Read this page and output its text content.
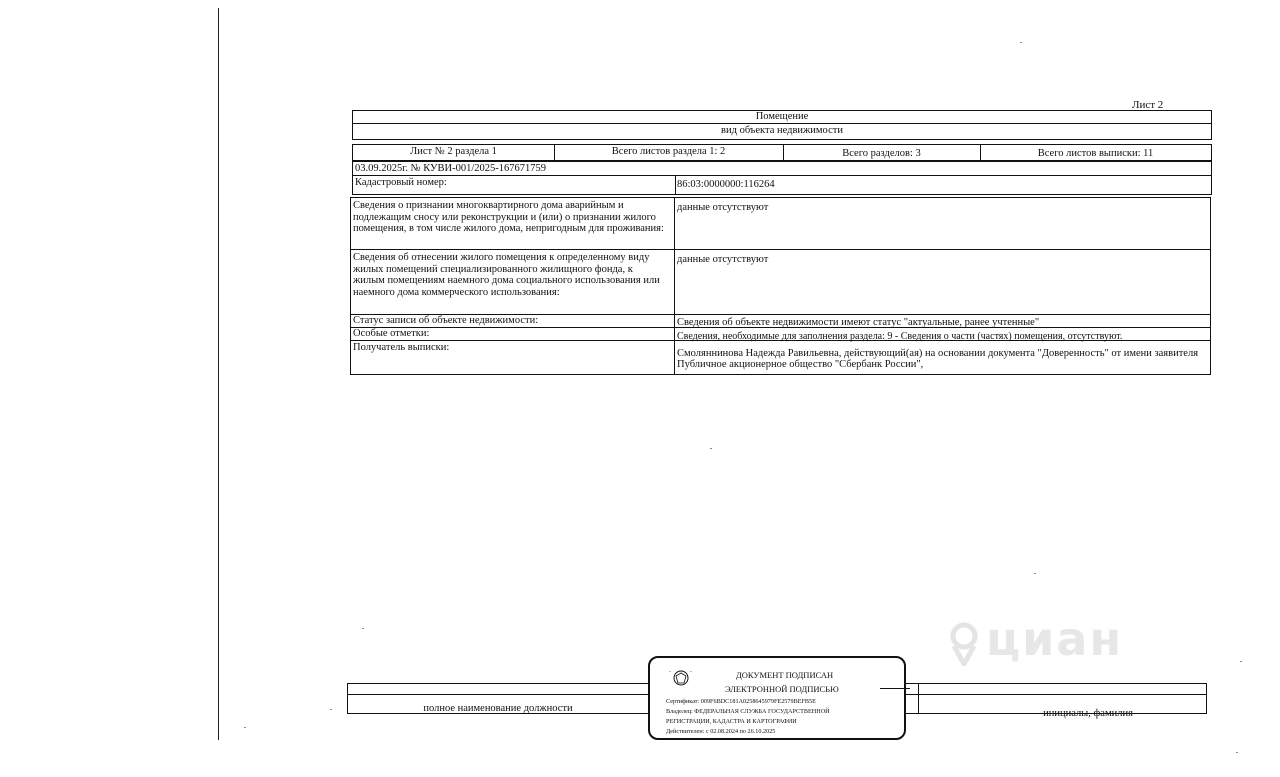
Лист 2
Помещение
вид объекта недвижимости
Лист № 2 раздела 1	Всего листов раздела 1: 2	Всего разделов: 3	Всего листов выписки: 11
03.09.2025г. № КУВИ-001/2025-167671759
Кадастровый номер:	86:03:0000000:116264
Сведения о признании многоквартирного дома аварийным и подлежащим сносу или реконструкции и (или) о признании жилого помещения, в том числе жилого дома, непригодным для проживания:
данные отсутствуют
Сведения об отнесении жилого помещения к определенному виду жилых помещений специализированного жилищного фонда, к жилым помещениям наемного дома социального использования или наемного дома коммерческого использования:
данные отсутствуют
Статус записи об объекте недвижимости:	Сведения об объекте недвижимости имеют статус "актуальные, ранее учтенные"
Особые отметки:	Сведения, необходимые для заполнения раздела: 9 - Сведения о части (частях) помещения, отсутствуют.
Получатель выписки:
Смоляннинова Надежда Равильевна, действующий(ая) на основании документа "Доверенность" от имени заявителя Публичное акционерное общество "Сбербанк России",
полное наименование должности	инициалы, фамилия
-	-	ДОКУМЕНТ ПОДПИСАН
ЭЛЕКТРОННОЙ ПОДПИСЬЮ
Сертификат: 009F6BDC181A0258645979FE2579BEFB5E
Владелец: ФЕДЕРАЛЬНАЯ СЛУЖБА ГОСУДАРСТВЕННОЙ
РЕГИСТРАЦИИ, КАДАСТРА И КАРТОГРАФИИ
Действителен: с 02.08.2024 по 26.10.2025
циан
